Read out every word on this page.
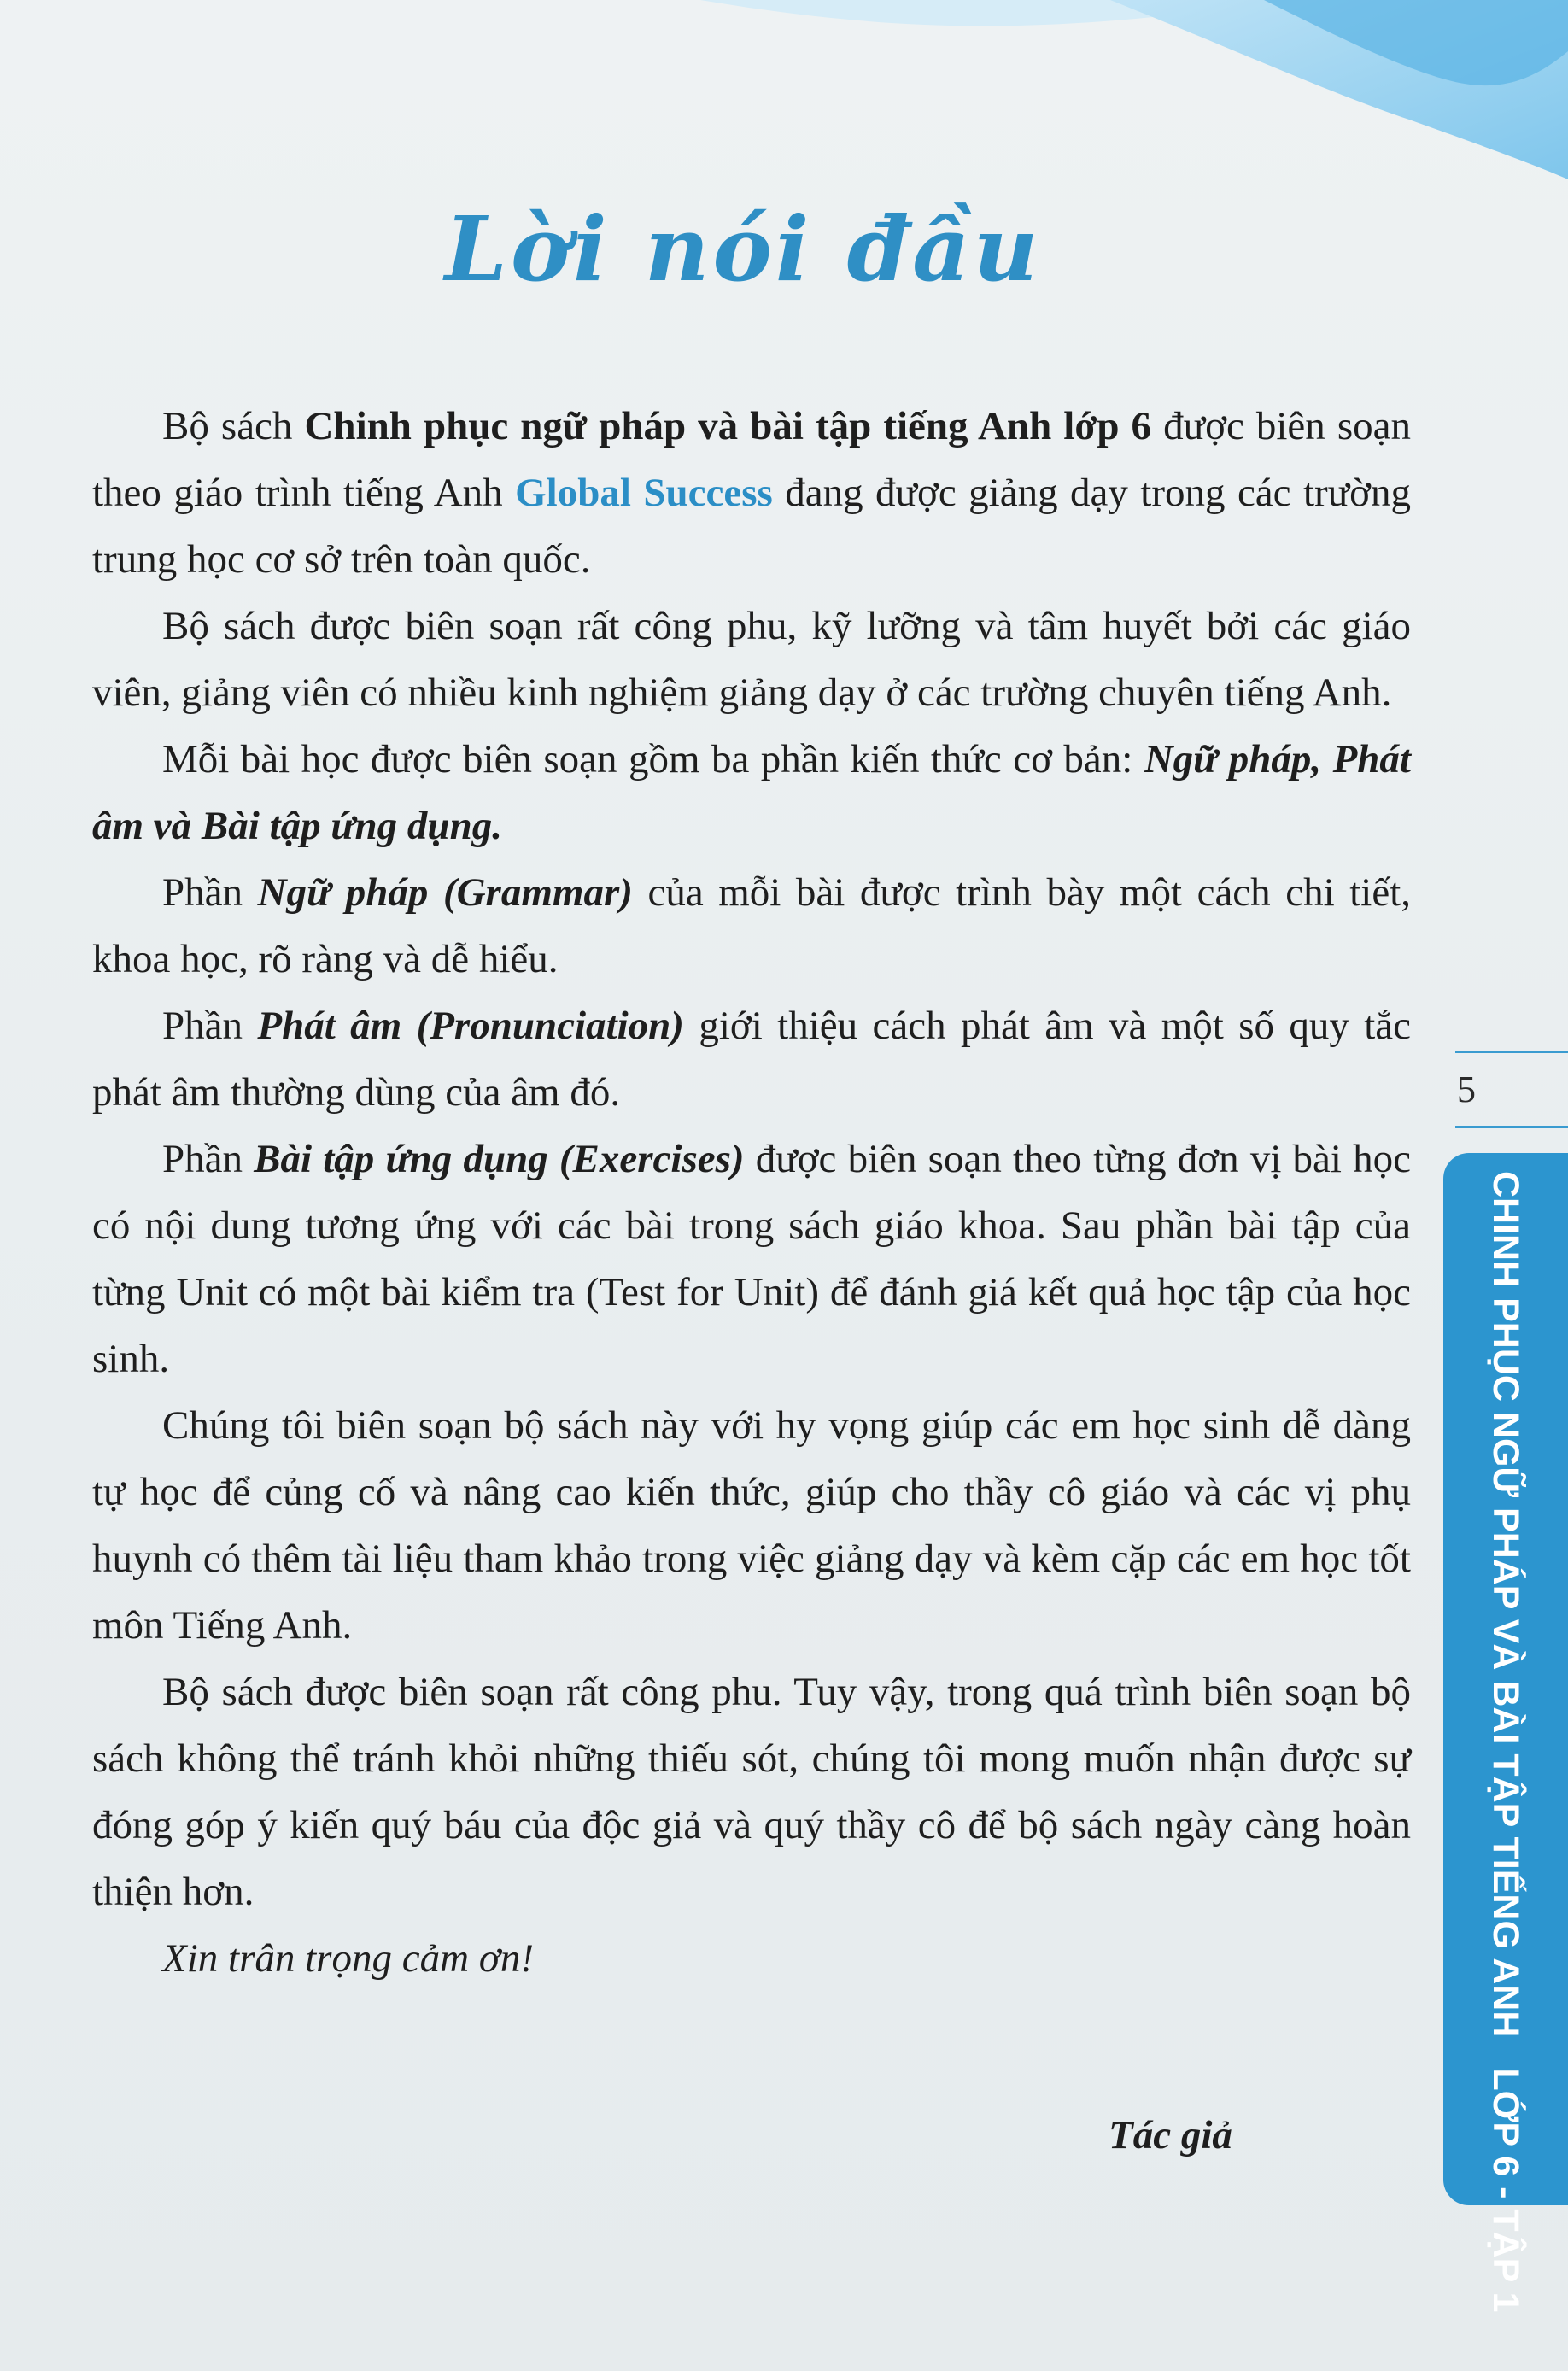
Lời nói đầu

Bộ sách Chinh phục ngữ pháp và bài tập tiếng Anh lớp 6 được biên soạn theo giáo trình tiếng Anh Global Success đang được giảng dạy trong các trường trung học cơ sở trên toàn quốc.

Bộ sách được biên soạn rất công phu, kỹ lưỡng và tâm huyết bởi các giáo viên, giảng viên có nhiều kinh nghiệm giảng dạy ở các trường chuyên tiếng Anh.

Mỗi bài học được biên soạn gồm ba phần kiến thức cơ bản: Ngữ pháp, Phát âm và Bài tập ứng dụng.

Phần Ngữ pháp (Grammar) của mỗi bài được trình bày một cách chi tiết, khoa học, rõ ràng và dễ hiểu.

Phần Phát âm (Pronunciation) giới thiệu cách phát âm và một số quy tắc phát âm thường dùng của âm đó.

Phần Bài tập ứng dụng (Exercises) được biên soạn theo từng đơn vị bài học có nội dung tương ứng với các bài trong sách giáo khoa. Sau phần bài tập của từng Unit có một bài kiểm tra (Test for Unit) để đánh giá kết quả học tập của học sinh.

Chúng tôi biên soạn bộ sách này với hy vọng giúp các em học sinh dễ dàng tự học để củng cố và nâng cao kiến thức, giúp cho thầy cô giáo và các vị phụ huynh có thêm tài liệu tham khảo trong việc giảng dạy và kèm cặp các em học tốt môn Tiếng Anh.

Bộ sách được biên soạn rất công phu. Tuy vậy, trong quá trình biên soạn bộ sách không thể tránh khỏi những thiếu sót, chúng tôi mong muốn nhận được sự đóng góp ý kiến quý báu của độc giả và quý thầy cô để bộ sách ngày càng hoàn thiện hơn.

Xin trân trọng cảm ơn!

Tác giả
5
CHINH PHỤC NGỮ PHÁP VÀ BÀI TẬP TIẾNG ANH
LỚP 6 - TẬP 1
